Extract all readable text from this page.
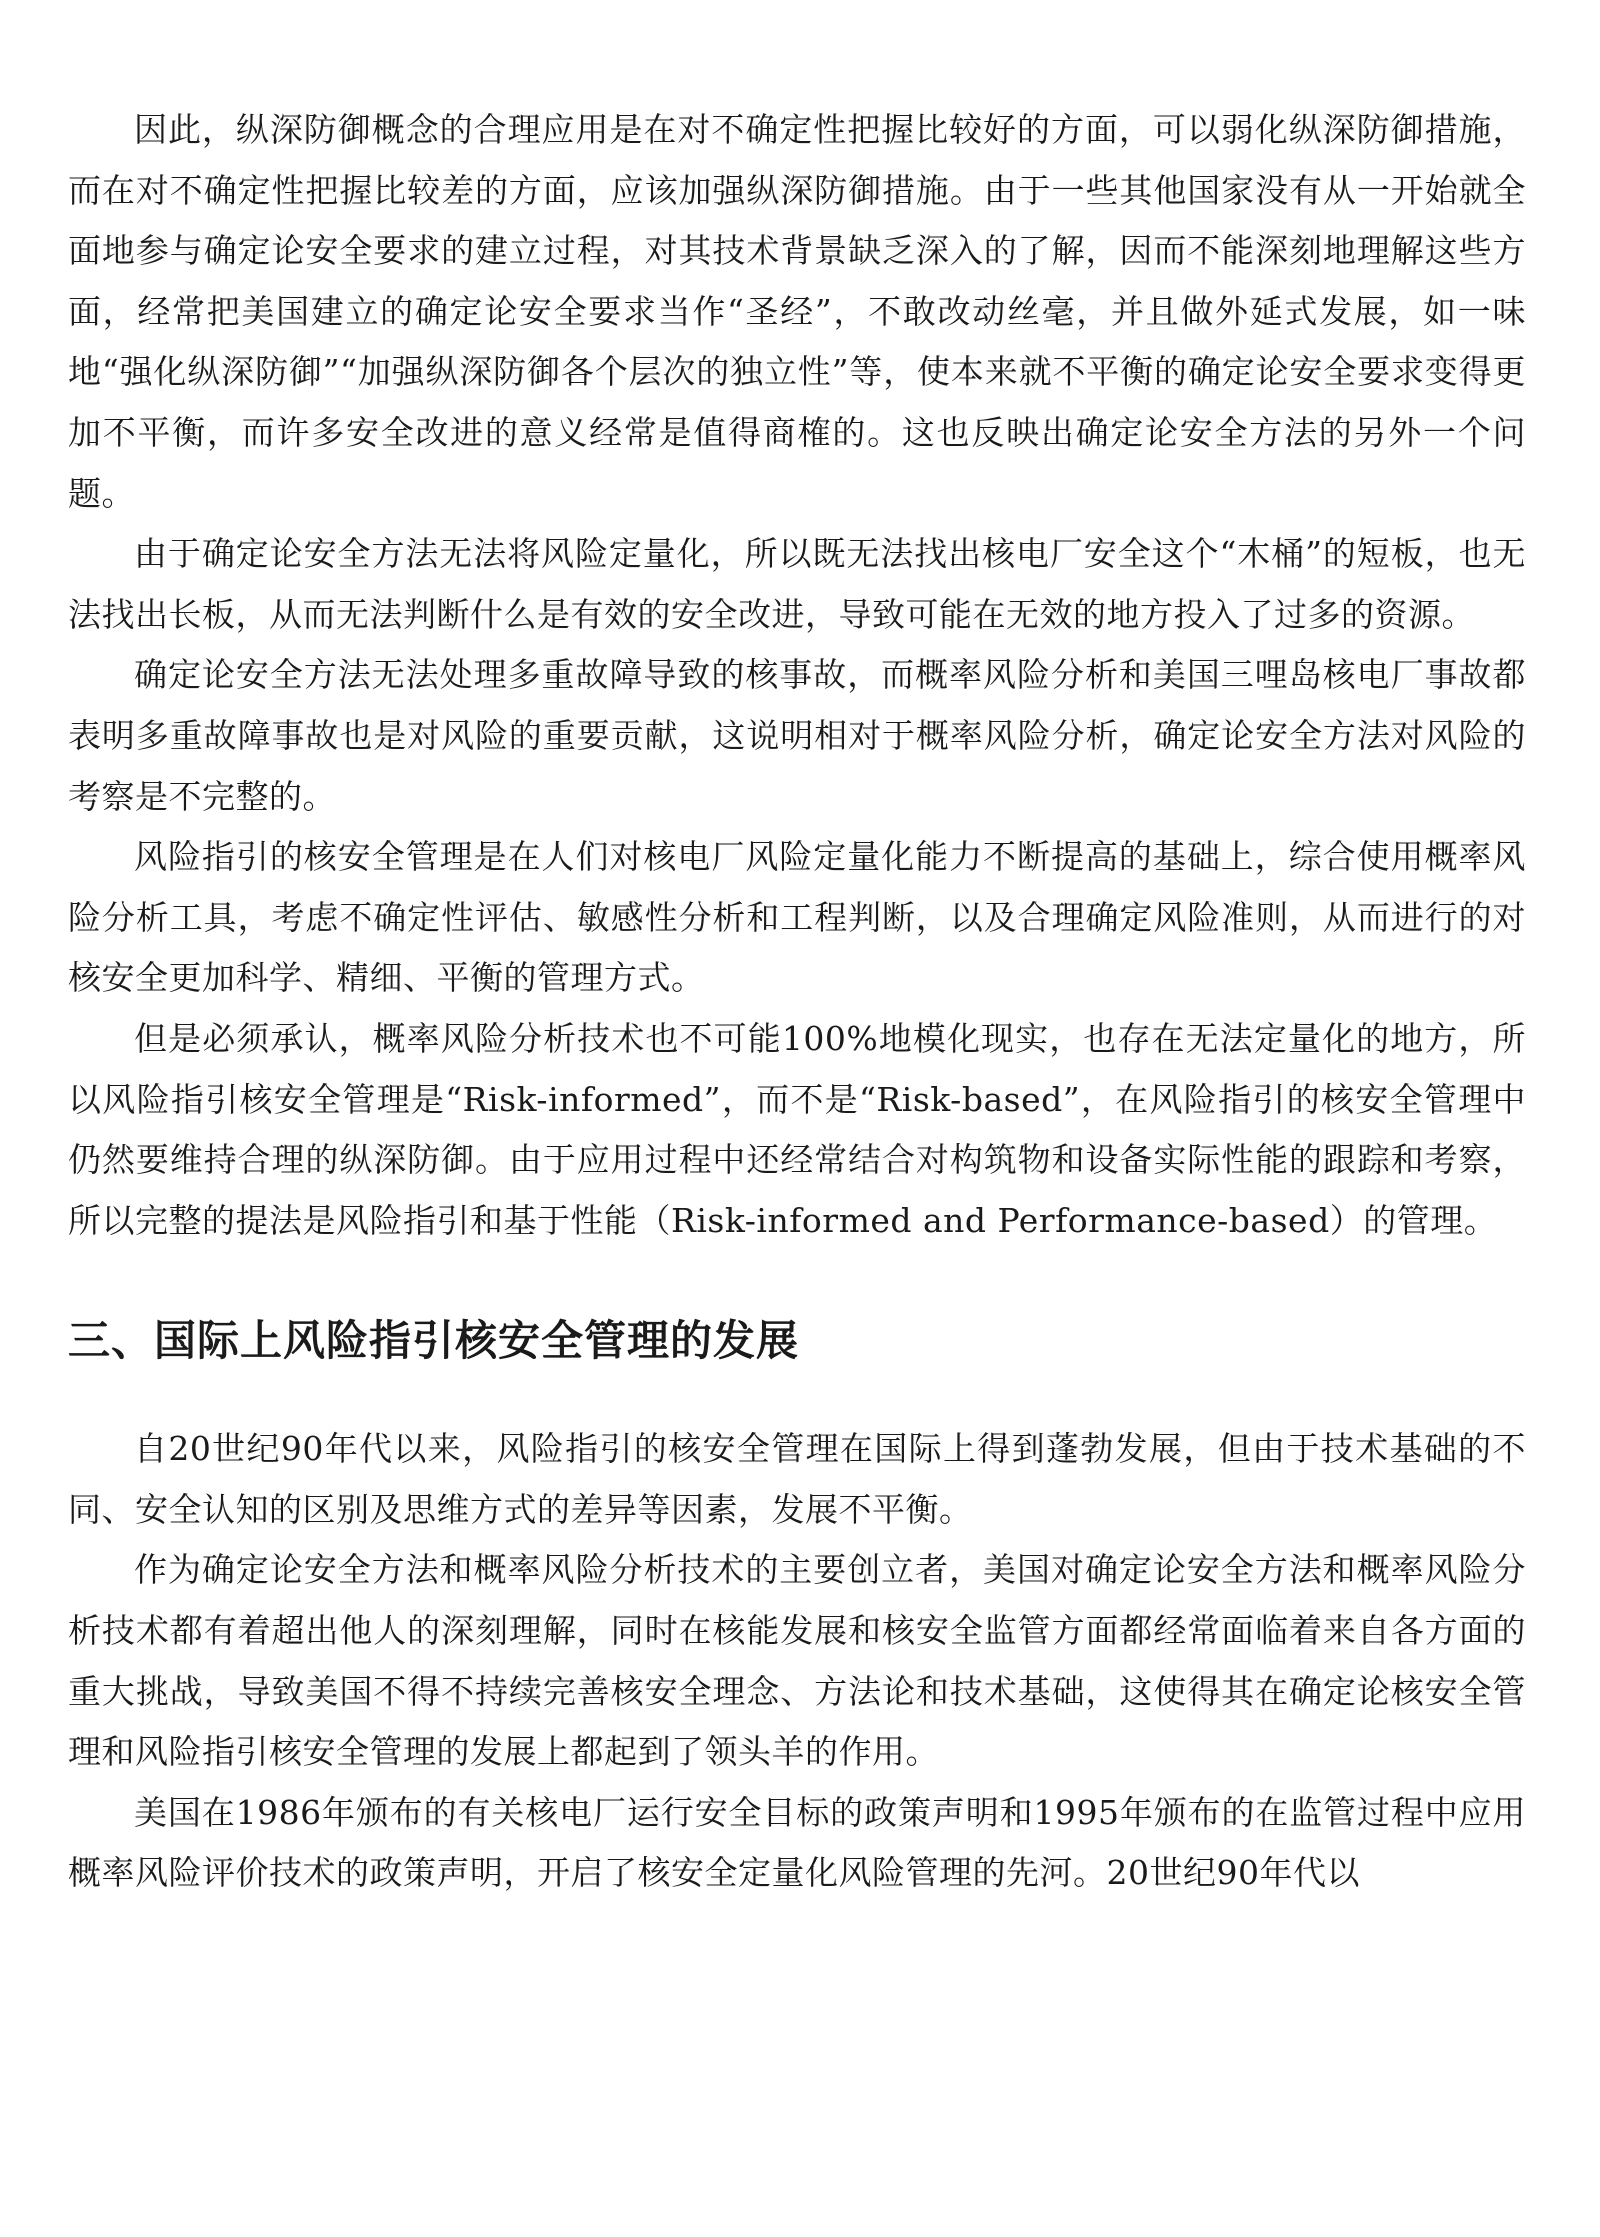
因此，纵深防御概念的合理应用是在对不确定性把握比较好的方面，可以弱化纵深防御措施，而在对不确定性把握比较差的方面，应该加强纵深防御措施。由于一些其他国家没有从一开始就全面地参与确定论安全要求的建立过程，对其技术背景缺乏深入的了解，因而不能深刻地理解这些方面，经常把美国建立的确定论安全要求当作“圣经”，不敢改动丝毫，并且做外延式发展，如一味地“强化纵深防御”“加强纵深防御各个层次的独立性”等，使本来就不平衡的确定论安全要求变得更加不平衡，而许多安全改进的意义经常是值得商榷的。这也反映出确定论安全方法的另外一个问题。

由于确定论安全方法无法将风险定量化，所以既无法找出核电厂安全这个“木桶”的短板，也无法找出长板，从而无法判断什么是有效的安全改进，导致可能在无效的地方投入了过多的资源。

确定论安全方法无法处理多重故障导致的核事故，而概率风险分析和美国三哩岛核电厂事故都表明多重故障事故也是对风险的重要贡献，这说明相对于概率风险分析，确定论安全方法对风险的考察是不完整的。

风险指引的核安全管理是在人们对核电厂风险定量化能力不断提高的基础上，综合使用概率风险分析工具，考虑不确定性评估、敏感性分析和工程判断，以及合理确定风险准则，从而进行的对核安全更加科学、精细、平衡的管理方式。

但是必须承认，概率风险分析技术也不可能100%地模化现实，也存在无法定量化的地方，所以风险指引核安全管理是“Risk-informed”，而不是“Risk-based”，在风险指引的核安全管理中仍然要维持合理的纵深防御。由于应用过程中还经常结合对构筑物和设备实际性能的跟踪和考察，所以完整的提法是风险指引和基于性能（Risk-informed and Performance-based）的管理。

三、国际上风险指引核安全管理的发展

自20世纪90年代以来，风险指引的核安全管理在国际上得到蓬勃发展，但由于技术基础的不同、安全认知的区别及思维方式的差异等因素，发展不平衡。

作为确定论安全方法和概率风险分析技术的主要创立者，美国对确定论安全方法和概率风险分析技术都有着超出他人的深刻理解，同时在核能发展和核安全监管方面都经常面临着来自各方面的重大挑战，导致美国不得不持续完善核安全理念、方法论和技术基础，这使得其在确定论核安全管理和风险指引核安全管理的发展上都起到了领头羊的作用。

美国在1986年颁布的有关核电厂运行安全目标的政策声明和1995年颁布的在监管过程中应用概率风险评价技术的政策声明，开启了核安全定量化风险管理的先河。20世纪90年代以
